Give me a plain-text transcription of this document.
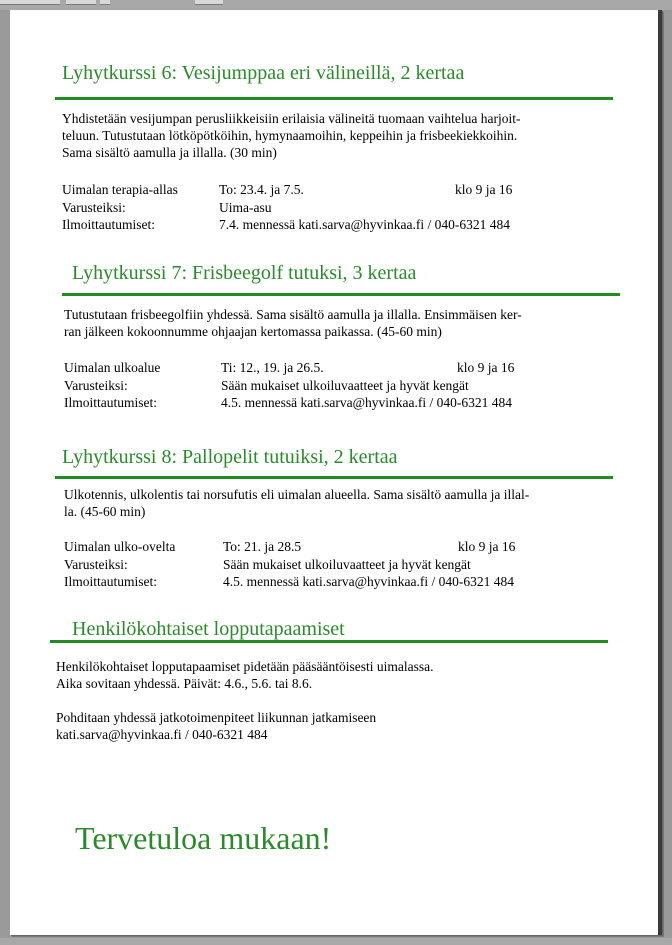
Lyhytkurssi 6: Vesijumppaa eri välineillä, 2 kertaa
Yhdistetään vesijumpan perusliikkeisiin erilaisia välineitä tuomaan vaihtelua harjoit-
teluun. Tutustutaan lötköpötköihin, hymynaamoihin, keppeihin ja frisbeekiekkoihin.
Sama sisältö aamulla ja illalla. (30 min)
Uimalan terapia-allas	To: 23.4. ja 7.5.	klo 9 ja 16
Varusteiksi:	Uima-asu
Ilmoittautumiset:	7.4. mennessä kati.sarva@hyvinkaa.fi / 040-6321 484
Lyhytkurssi 7: Frisbeegolf tutuksi, 3 kertaa
Tutustutaan frisbeegolfiin yhdessä. Sama sisältö aamulla ja illalla. Ensimmäisen ker-
ran jälkeen kokoonnumme ohjaajan kertomassa paikassa. (45-60 min)
Uimalan ulkoalue	Ti: 12., 19. ja 26.5.	klo 9 ja 16
Varusteiksi:	Sään mukaiset ulkoiluvaatteet ja hyvät kengät
Ilmoittautumiset:	4.5. mennessä kati.sarva@hyvinkaa.fi / 040-6321 484
Lyhytkurssi 8: Pallopelit tutuiksi, 2 kertaa
Ulkotennis, ulkolentis tai norsufutis eli uimalan alueella. Sama sisältö aamulla ja illal-
la. (45-60 min)
Uimalan ulko-ovelta	To: 21. ja 28.5	klo 9 ja 16
Varusteiksi:	Sään mukaiset ulkoiluvaatteet ja hyvät kengät
Ilmoittautumiset:	4.5. mennessä kati.sarva@hyvinkaa.fi / 040-6321 484
Henkilökohtaiset lopputapaamiset
Henkilökohtaiset lopputapaamiset pidetään pääsääntöisesti uimalassa.
Aika sovitaan yhdessä. Päivät: 4.6., 5.6. tai 8.6.
Pohditaan yhdessä jatkotoimenpiteet liikunnan jatkamiseen
kati.sarva@hyvinkaa.fi / 040-6321 484
Tervetuloa mukaan!
